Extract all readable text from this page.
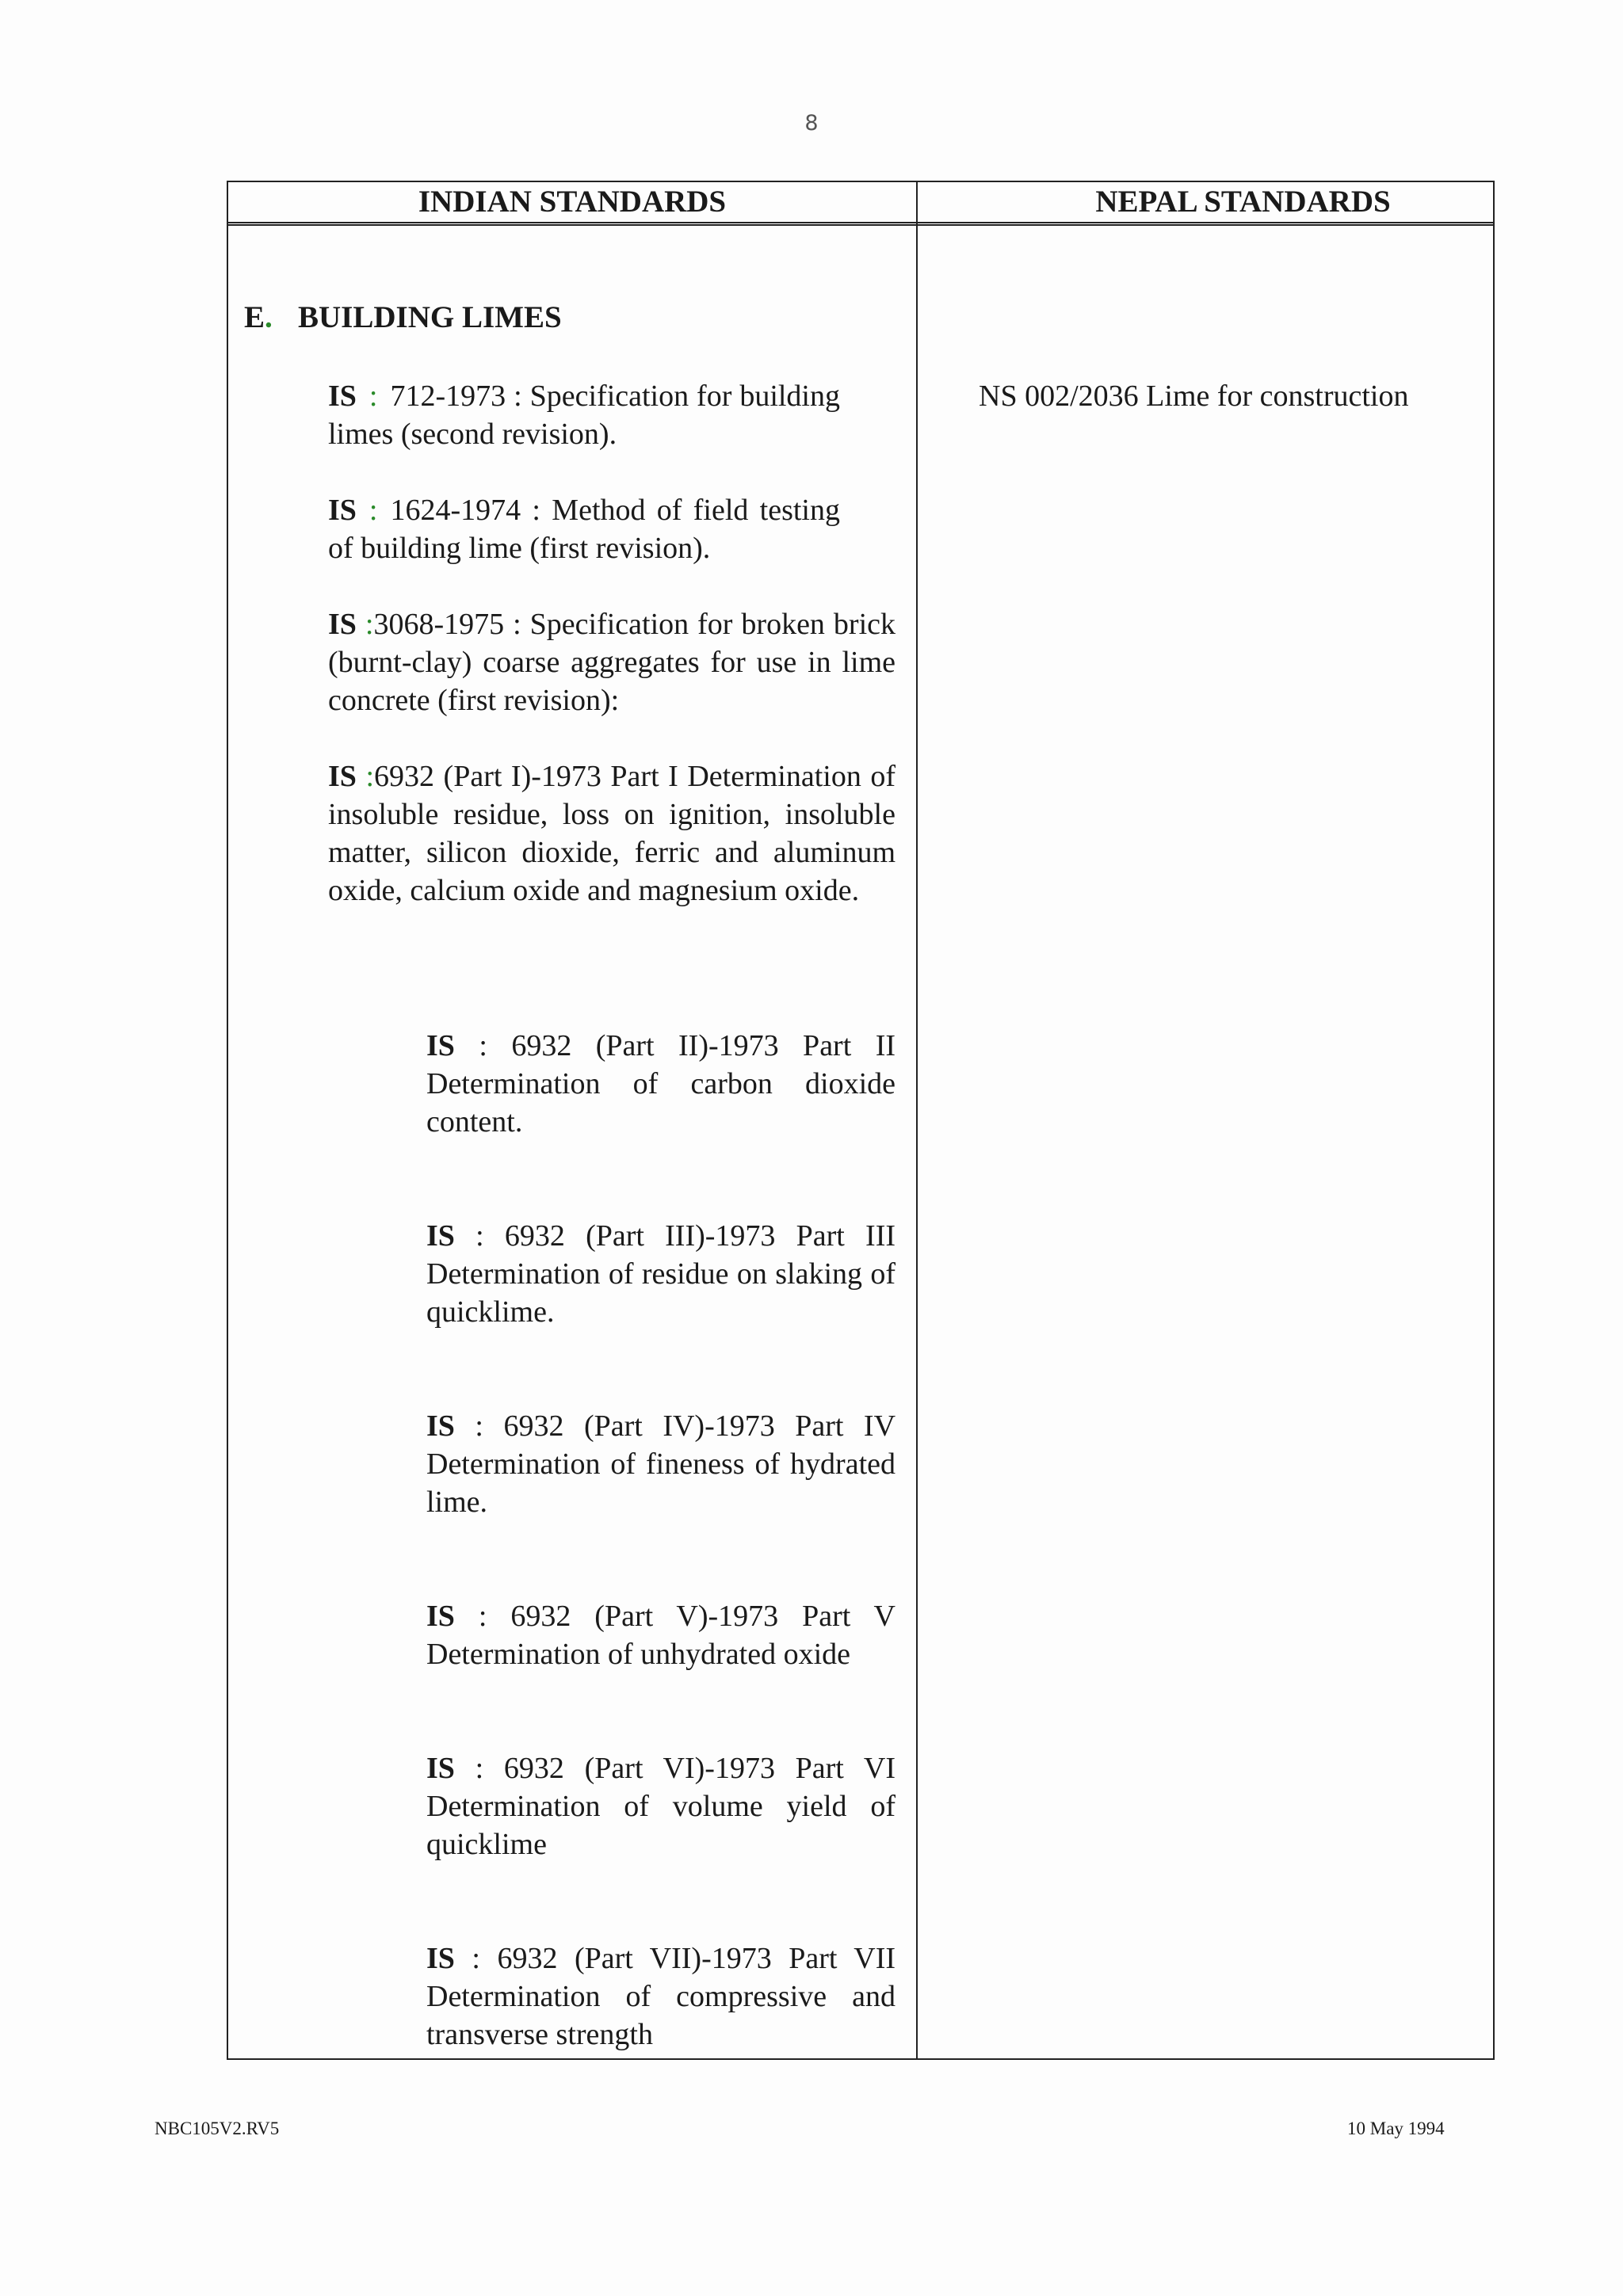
8
INDIAN STANDARDS	NEPAL STANDARDS
E. BUILDING LIMES
IS : 712-1973 : Specification for building limes (second revision).
IS : 1624-1974 : Method of field testing of building lime (first revision).
IS :3068-1975 : Specification for broken brick (burnt-clay) coarse aggregates for use in lime concrete (first revision):
IS :6932 (Part I)-1973 Part I Determination of insoluble residue, loss on ignition, insoluble matter, silicon dioxide, ferric and aluminum oxide, calcium oxide and magnesium oxide.
IS : 6932 (Part II)-1973 Part II Determination of carbon dioxide content.
IS : 6932 (Part III)-1973 Part III Determination of residue on slaking of quicklime.
IS : 6932 (Part IV)-1973 Part IV Determination of fineness of hydrated lime.
IS : 6932 (Part V)-1973 Part V Determination of unhydrated oxide
IS : 6932 (Part VI)-1973 Part VI Determination of volume yield of quicklime
IS : 6932 (Part VII)-1973 Part VII Determination of compressive and transverse strength
NS 002/2036 Lime for construction
NBC105V2.RV5	10 May 1994
